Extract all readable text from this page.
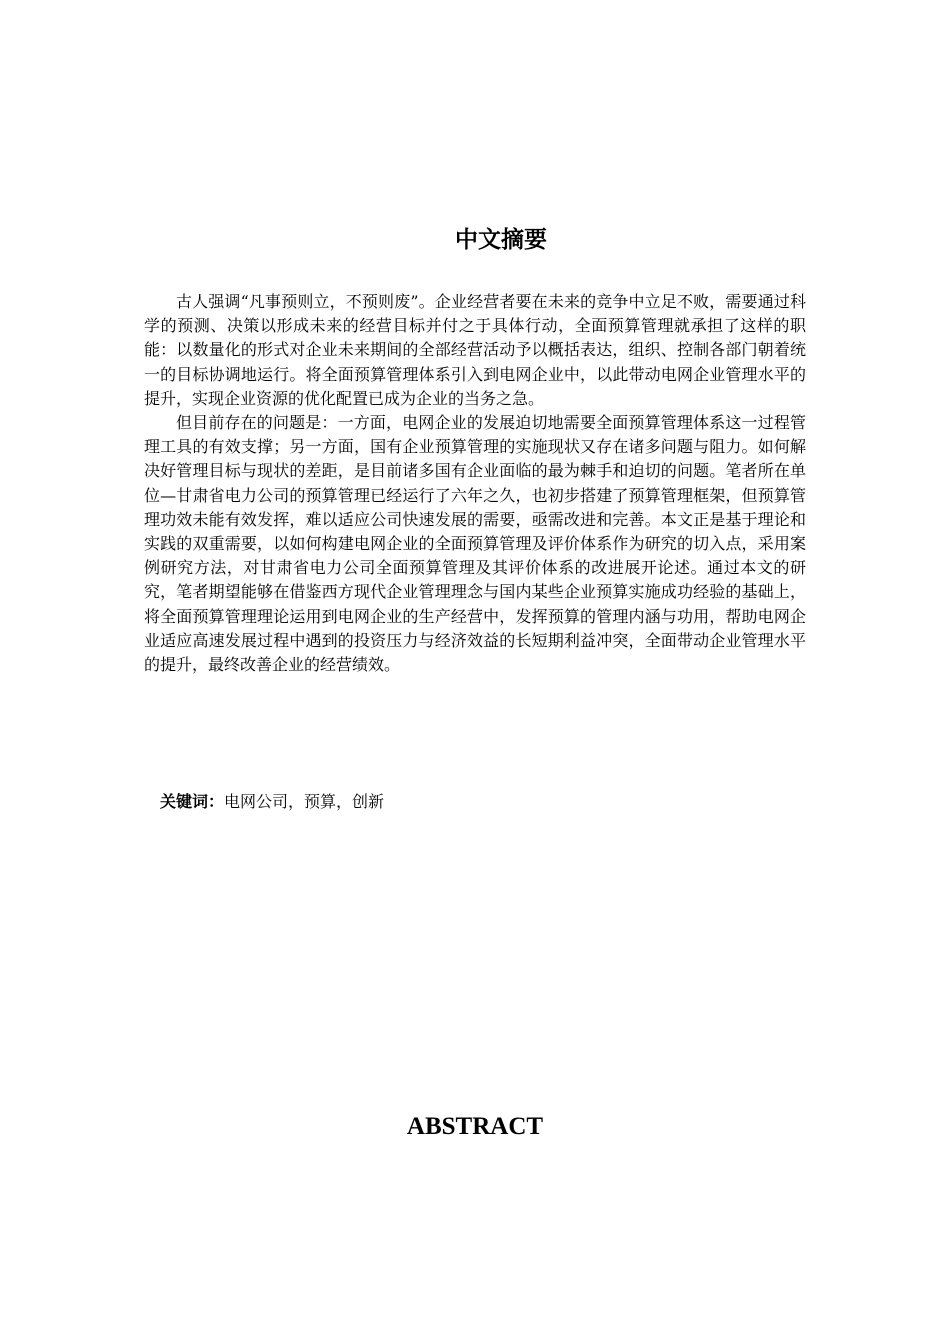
中文摘要

古人强调“凡事预则立，不预则废”。企业经营者要在未来的竞争中立足不败，需要通过科学的预测、决策以形成未来的经营目标并付之于具体行动，全面预算管理就承担了这样的职能：以数量化的形式对企业未来期间的全部经营活动予以概括表达，组织、控制各部门朝着统一的目标协调地运行。将全面预算管理体系引入到电网企业中，以此带动电网企业管理水平的提升，实现企业资源的优化配置已成为企业的当务之急。

但目前存在的问题是：一方面，电网企业的发展迫切地需要全面预算管理体系这一过程管理工具的有效支撑；另一方面，国有企业预算管理的实施现状又存在诸多问题与阻力。如何解决好管理目标与现状的差距，是目前诸多国有企业面临的最为棘手和迫切的问题。笔者所在单位—甘肃省电力公司的预算管理已经运行了六年之久，也初步搭建了预算管理框架，但预算管理功效未能有效发挥，难以适应公司快速发展的需要，亟需改进和完善。本文正是基于理论和实践的双重需要，以如何构建电网企业的全面预算管理及评价体系作为研究的切入点，采用案例研究方法，对甘肃省电力公司全面预算管理及其评价体系的改进展开论述。通过本文的研究，笔者期望能够在借鉴西方现代企业管理理念与国内某些企业预算实施成功经验的基础上，将全面预算管理理论运用到电网企业的生产经营中，发挥预算的管理内涵与功用，帮助电网企业适应高速发展过程中遇到的投资压力与经济效益的长短期利益冲突，全面带动企业管理水平的提升，最终改善企业的经营绩效。

关键词：电网公司，预算，创新

ABSTRACT
